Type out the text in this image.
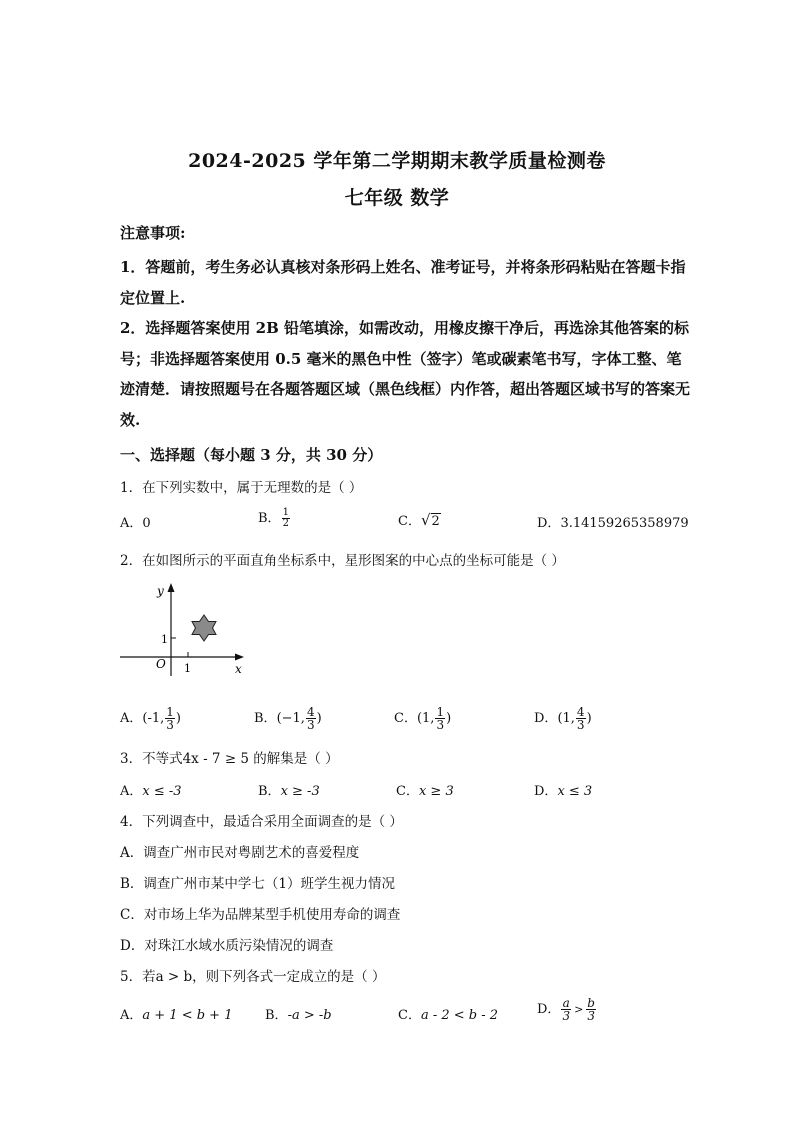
2024-2025 学年第二学期期末教学质量检测卷
七年级 数学
注意事项:
1．答题前，考生务必认真核对条形码上姓名、准考证号，并将条形码粘贴在答题卡指定位置上.
2．选择题答案使用 2B 铅笔填涂，如需改动，用橡皮擦干净后，再选涂其他答案的标号；非选择题答案使用 0.5 毫米的黑色中性（签字）笔或碳素笔书写，字体工整、笔迹清楚．请按照题号在各题答题区域（黑色线框）内作答，超出答题区域书写的答案无效.
一、选择题（每小题 3 分，共 30 分）
1．在下列实数中，属于无理数的是（ ）
A．0	B． $\frac{1}{2}$	C． √ 2	D．3.14159265358979
2．在如图所示的平面直角坐标系中，星形图案的中心点的坐标可能是（ ）
y
x
O 1
1
A．(-1, $\frac{1}{3}$ )	B．(−1, $\frac{4}{3}$ )	C．(1, $\frac{1}{3}$ )	D．(1, $\frac{4}{3}$ )
3．不等式4x - 7 ≥ 5 的解集是（ ）
A．x ≤ -3	B．x ≥ -3	C．x ≥ 3	D．x ≤ 3
4．下列调查中，最适合采用全面调查的是（ ）
A．调查广州市民对粤剧艺术的喜爱程度
B．调查广州市某中学七（1）班学生视力情况
C．对市场上华为品牌某型手机使用寿命的调查
D．对珠江水域水质污染情况的调查
5．若a > b，则下列各式一定成立的是（ ）
A．a + 1 < b + 1	B．-a > -b	C．a - 2 < b - 2	D． $\frac{a}{3} > \frac{b}{3}$
